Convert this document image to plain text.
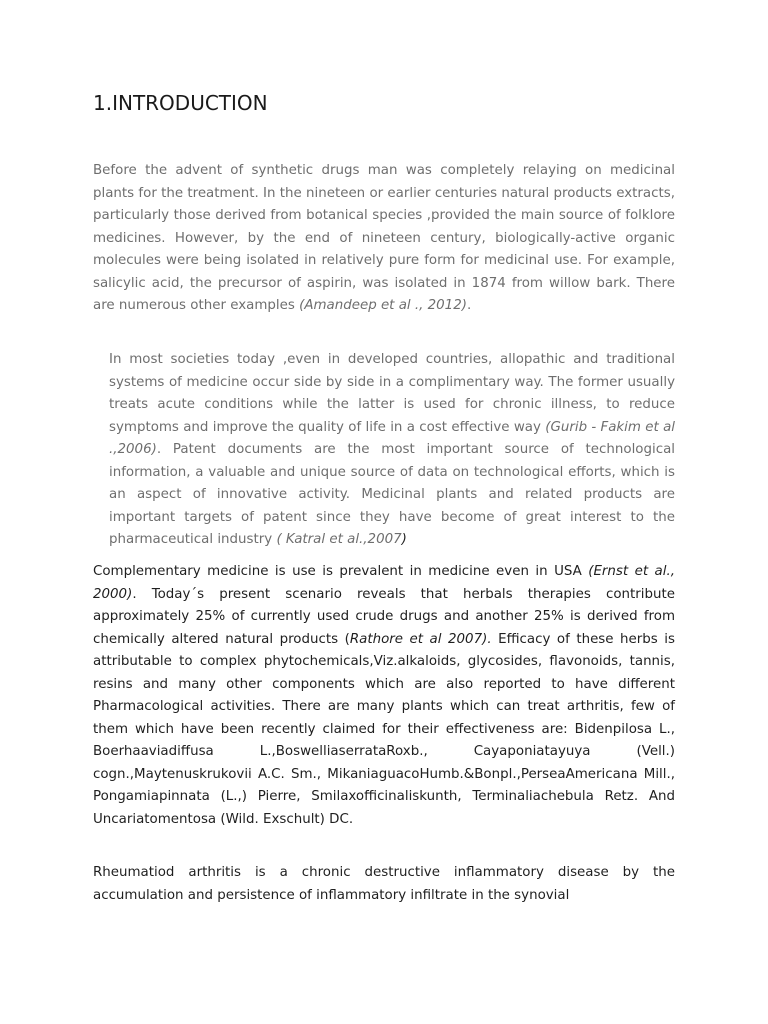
1.INTRODUCTION

Before the advent of synthetic drugs man was completely relaying on medicinal plants for the treatment. In the nineteen or earlier centuries natural products extracts, particularly those derived from botanical species ,provided the main source of folklore medicines. However, by the end of nineteen century, biologically-active organic molecules were being isolated in relatively pure form for medicinal use. For example, salicylic acid, the precursor of aspirin, was isolated in 1874 from willow bark. There are numerous other examples (Amandeep et al ., 2012).

In most societies today ,even in developed countries, allopathic and traditional systems of medicine occur side by side in a complimentary way. The former usually treats acute conditions while the latter is used for chronic illness, to reduce symptoms and improve the quality of life in a cost effective way (Gurib - Fakim et al .,2006). Patent documents are the most important source of technological information, a valuable and unique source of data on technological efforts, which is an aspect of innovative activity. Medicinal plants and related products are important targets of patent since they have become of great interest to the pharmaceutical industry ( Katral et al.,2007)

Complementary medicine is use is prevalent in medicine even in USA (Ernst et al., 2000). Today´s present scenario reveals that herbals therapies contribute approximately 25% of currently used crude drugs and another 25% is derived from chemically altered natural products (Rathore et al 2007). Efficacy of these herbs is attributable to complex phytochemicals,Viz.alkaloids, glycosides, flavonoids, tannis, resins and many other components which are also reported to have different Pharmacological activities. There are many plants which can treat arthritis, few of them which have been recently claimed for their effectiveness are: Bidenpilosa L., Boerhaaviadiffusa L.,BoswelliaserrataRoxb., Cayaponiatayuya (Vell.) cogn.,Maytenuskrukovii A.C. Sm., MikaniaguacoHumb.&Bonpl.,PerseaAmericana Mill., Pongamiapinnata (L.,) Pierre, Smilaxofficinaliskunth, Terminaliachebula Retz. And Uncariatomentosa (Wild. Exschult) DC.

Rheumatiod arthritis is a chronic destructive inflammatory disease by the accumulation and persistence of inflammatory infiltrate in the synovial
